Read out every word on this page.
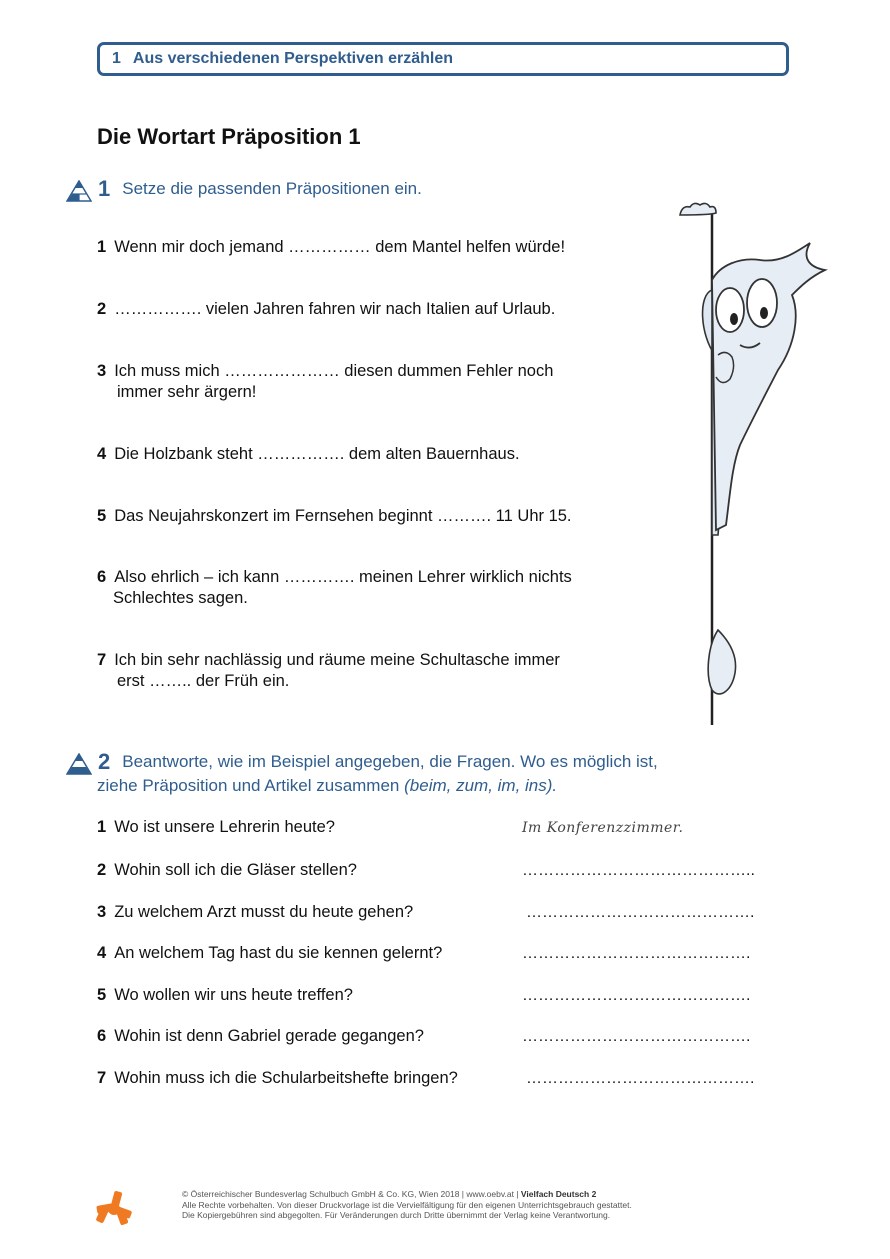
1 Aus verschiedenen Perspektiven erzählen
Die Wortart Präposition 1
1 Setze die passenden Präpositionen ein.
1 Wenn mir doch jemand …………… dem Mantel helfen würde!
2 ……………. vielen Jahren fahren wir nach Italien auf Urlaub.
3 Ich muss mich ………………… diesen dummen Fehler noch
immer sehr ärgern!
4 Die Holzbank steht ……………. dem alten Bauernhaus.
5 Das Neujahrskonzert im Fernsehen beginnt ………. 11 Uhr 15.
6 Also ehrlich – ich kann …………. meinen Lehrer wirklich nichts
Schlechtes sagen.
7 Ich bin sehr nachlässig und räume meine Schultasche immer
erst …….. der Früh ein.
2 Beantworte, wie im Beispiel angegeben, die Fragen. Wo es möglich ist,
ziehe Präposition und Artikel zusammen (beim, zum, im, ins).
1 Wo ist unsere Lehrerin heute?	Im Konferenzzimmer.
2 Wohin soll ich die Gläser stellen?	……………………………………..
3 Zu welchem Arzt musst du heute gehen?	…………………………………….
4 An welchem Tag hast du sie kennen gelernt?	…………………………………….
5 Wo wollen wir uns heute treffen?	…………………………………….
6 Wohin ist denn Gabriel gerade gegangen?	…………………………………….
7 Wohin muss ich die Schularbeitshefte bringen?	…………………………………….
© Österreichischer Bundesverlag Schulbuch GmbH & Co. KG, Wien 2018 | www.oebv.at | Vielfach Deutsch 2
Alle Rechte vorbehalten. Von dieser Druckvorlage ist die Vervielfältigung für den eigenen Unterrichtsgebrauch gestattet.
Die Kopiergebühren sind abgegolten. Für Veränderungen durch Dritte übernimmt der Verlag keine Verantwortung.
